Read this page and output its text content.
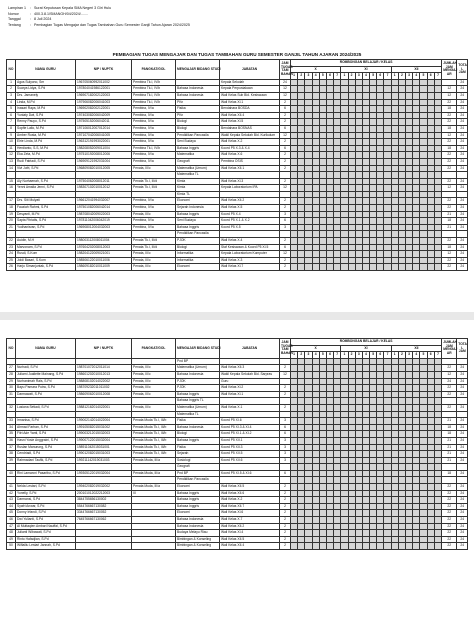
Lampiran 1	: Surat Keputusan Kepala SMA Negeri 3 Giri Hulu
Nomor	: 400.3.8.1/SMANGH/04/2024/.......
Tanggal	: 8 Juli 2024
Tentang	: Pembagian Tugas Mengajar dan Tugas Tambahan Guru Semester Ganjil Tahun Ajaran 2024/2025
PEMBAGIAN TUGAS MENGAJAR DAN TUGAS TAMBAHAN GURU SEMESTER GANJIL TAHUN AJARAN 2024/2025
NO	NAMA GURU	NIP / NUPTK	PANGKAT/GOL	MENGAJAR BIDANG STUDI	JABATAN	JAM TUGAS TAM BAHAN	ROMBONGAN BELAJAR / KELAS																					JUMLAH JAM MENGAJ AR	TOTA L JAM
							X							XI							XII								
							1	2	3	4	5	6	7	1	2	3	4	5	6	7	1	2	3	4	5	6	7		
1	Agus Sulyono, Sm	196705060992011002	Pembina Tk.I, IV/b		Kepala Sekolah	24																							24
2	Suarya Lidya, S.Pd	197804041986122001	Pembina Tk.I, IV/b	Bahasa Indonesia	Kepala Perpustakaan	12																						12	24
3	Drs. Jamanely	196907182002122003	Pembina Tk.I, IV/b	Bahasa Indonesia	Wali Kelas Sub Bid. Kesiswaan	12																						12	24
4	Linda, M.Pd	197906082006041003	Pembina Tk.I, IV/b	PKn	Wali Kelas XI.1	2																						22	24
5	Inasari Raya, M.Pd	196902082002122001	Pembina, IV/a	Fisika	Bendahara BOSDA	6																						18	24
6	Yuniaty Dwi, S.Pd	197403082006042009	Pembina, IV/a	PKn	Wali Kelas XII.4	2																						22	24
7	Renny Pauyo, S.Pd	197505152006042011	Pembina, IV/a	Biologi	Wali Kelas XI.5	2																						22	24
8	Sopfie Lalio, M.Pd	197106012007012014	Pembina, IV/a	Biologi	Bendahara BOSNAS	6																						18	24
9	Amber Rusta, M.Pd	197107042006041005	Pembina, IV/a	Pendidikan Pancasila	Wakil Kepala Sekolah Bid. Kurikulum	12																						12	24
10	Elrie Linda, M.Pd	196312191993022001	Pembina, IV/a	Seni Budaya	Wali Kelas X.2	2																						22	24
11	Herdianto, S.S, M.Pd	198208052009011004	Pembina Tk.I, IV/b	Bahasa Inggris	Koord P5 X.3 & X.4	6																						18	24
12	Eka Zeta, M.Pd	197510192008012006	Pembina, IV/a	Matematika	Wali Kelas X.6	2																						22	24
13	Rudi Fatriadi, S.Pd	196909121992031004	Pembina, IV/a	Geografi	Pembina OSIS	2																						22	24
14	Vivi Jufri, S.Pd	196809082010012005	Penata, III/c	Matematika (Umum)	Wali Kelas XII.1	2																						22	24
				Matematika TL																									
15	Aly Nurhaenah, S.Pd	197504062008012011	Penata Tk.I, III/d	Kimia	Wali Kelas XI.3	2																						22	24
16	Yenni Amalia Jenni, S.Pd	198307102010012012	Penata Tk.I, III/d	Kimia	Kepala Laboratorium IPA	12																						12	24
				Kimia TL																									
17	Drs. Siti Mulyati	196612041994032007	Pembina, IV/a	Ekonomi	Wali Kelas XII.2	2																						22	24
18	Fauziah Rahmi, S.Pd	197501082006042014	Pembina, IV/a	Sejarah Indonesia	Wali Kelas X.5	2																						22	24
19	Desyanti, M.Pd	198708042009022003	Penata, III/c	Bahasa Inggris	Koord P5 X.4	3																						21	24
20	Sapta Fitriatis, S.Pd	197811042006042019	Pembina, IV/a	Seni Budaya	Koord P5 X.1 & X.2	6																						18	24
21	Yudhanisran, S.Pd	196908012004032003	Pembina, IV/a	Bahasa Inggris	Koord P5 X.5	3																						21	24
				Pendidikan Pancasila																									
22	Auidin, M.H	198003112008011004	Penata Tk.I, III/d	PJOK	Wali Kelas X.4	2																						22	24
23	Marvonam, S.Pd	197604202008012003	Penata Tk.I, III/d	Biologi	Staf Kesiswaan & Koord P5 XI.5	6																						18	24
24	Rusdi, S.Kom	198204122009021001	Penata, III/c	Informatika	Kepala Laboratorium Komputer	12																						12	24
25	Joldi Basari, S.Kom	198506122010011006	Penata, III/c	Informatika	Wali Kelas X.3	2																						22	24
26	Harjo Simanjuntak, S.Pd	198609182010011009	Penata, III/c	Ekonomi	Wali Kelas XI.7	2																						22	24
NO	NAMA GURU	NIP / NUPTK	PANGKAT/GOL	MENGAJAR BIDANG STUDI	JABATAN	JAM TUGAS TAM BAHAN	ROMBONGAN BELAJAR / KELAS																					JUMLAH JAM MENGAJ AR	TOTA L JAM
							X							XI							XII								
							1	2	3	4	5	6	7	1	2	3	4	5	6	7	1	2	3	4	5	6	7		
				Pnd BP																									
27	Nurhadi, S.Pd	198701072012011014	Penata, III/c	Matematika (Umum)	Wali Kelas XII.3	2																						22	24
28	Juliarni Jualiette Mainang, S.Pd	198601202010012013	Penata, III/c	Bahasa Indonesia	Wakil Kepala Sekolah Bid. Sarpras	12																						12	24
29	Nurhanimah Rais, S.Pd	198808102014022002	Penata, III/c	PJOK	Guru																							24	24
30	Bayu Pamara Putra, S.Pd	198709232011011002	Penata, III/c	PJOK	Wali Kelas XI.2	2																						22	24
31	Darmawati, S.Pd	198609062010012008	Penata, III/c	Bahasa Inggris	Wali Kelas XI.1	2																						22	24
				Bahasa Inggris TL																									
32	Lusiana Setiadi, S.Pd	198812162014022001	Penata, III/c	Matematika (Umum)	Wali Kelas X.1	2																						22	24
				Matematika TL																									
33	Irmanisa, S.Pd	199002142014022004	Penata Muda Tk.I, III/b	Fisika	Koord P5 XI.6	3																						21	24
34	Ahmad Farhan, S.Pd	199105082015031002	Penata Muda Tk.I, III/b	Bahasa Indonesia	Koord P5 XI.3 & XI.4	6																						18	24
35	Fitri Ade Yanti, S.Pd	199003212015032003	Penata Muda Tk.I, III/b	Biologi	Koord P5 XI.1 & XI.2	6																						18	24
36	Hasni Yosie Anggraini, S.Pd	199007122015032004	Penata Muda Tk.I, III/b	Bahasa Inggris	Koord P5 XII.1	3																						21	24
37	Ruslan Manurung, S.Pd	198911042015031001	Penata Muda Tk.I, III/b	Fisika	Koord P5 XII.3	3																						21	24
38	Cendriadi, S.Pd	199012082015031003	Penata Muda Tk.I, III/b	Sejarah	Koord P5 XII.5	3																						21	24
39	Rahmadani Taufik, S.Pd	199211142019031003	Penata Muda, III/a	Sosiologi	Koord P5 XII.6	3																						21	24
				Geografi																									
40	Rini Lamwoni Pasaribu, S.Pd	199305122019032004	Penata Muda, III/a	Pnd BP	Koord P5 XI.5 & XI.6	6																						18	24
				Pendidikan Pancasila																									
41	Nelda Lestari, S.Pd	199402082019032002	Penata Muda, III/a	Ekonomi	Wali Kelas XII.5	2																						22	24
42	Yunelly, S.Pd	200101012022212003	IX	Bahasa Inggris	Wali Kelas XII.6	2																						22	24
43	Darmansi, S.Pd	3844755656130002		Bahasa Inggris	Wali Kelas X.2	2																						22	24
44	Syafri Anwar, S.Pd	5544766667130082		Bahasa Inggris	Wali Kelas XII.7	2																						22	24
45	Donny Irfandi, S.Pd	3344766667130052		Ekonomi	Wali Kelas XI.6	2																						22	24
46	Dwi Yulianti, S.Pd	7645766667130062		Bahasa Indonesia	Wali Kelas X.7	2																						22	24
47	Al Muttaqien Ambari Nauffal, S.Pd			Bahasa Indonesia	Wali Kelas XII.2	2																						22	24
48	Julianti Wibawati, S.Pd			Budaya Melayu Riau	Wali Kelas XI.4	2																						22	24
49	Rinto Hafadjian, S.Pd			Bimbingan & Konseling	Wali Kelas XII.5	2																						22	24
50	Wiflailiu Lestari Jannah, S.Pd			Bimbingan & Konseling	Wali Kelas XII.4	2																						22	24
